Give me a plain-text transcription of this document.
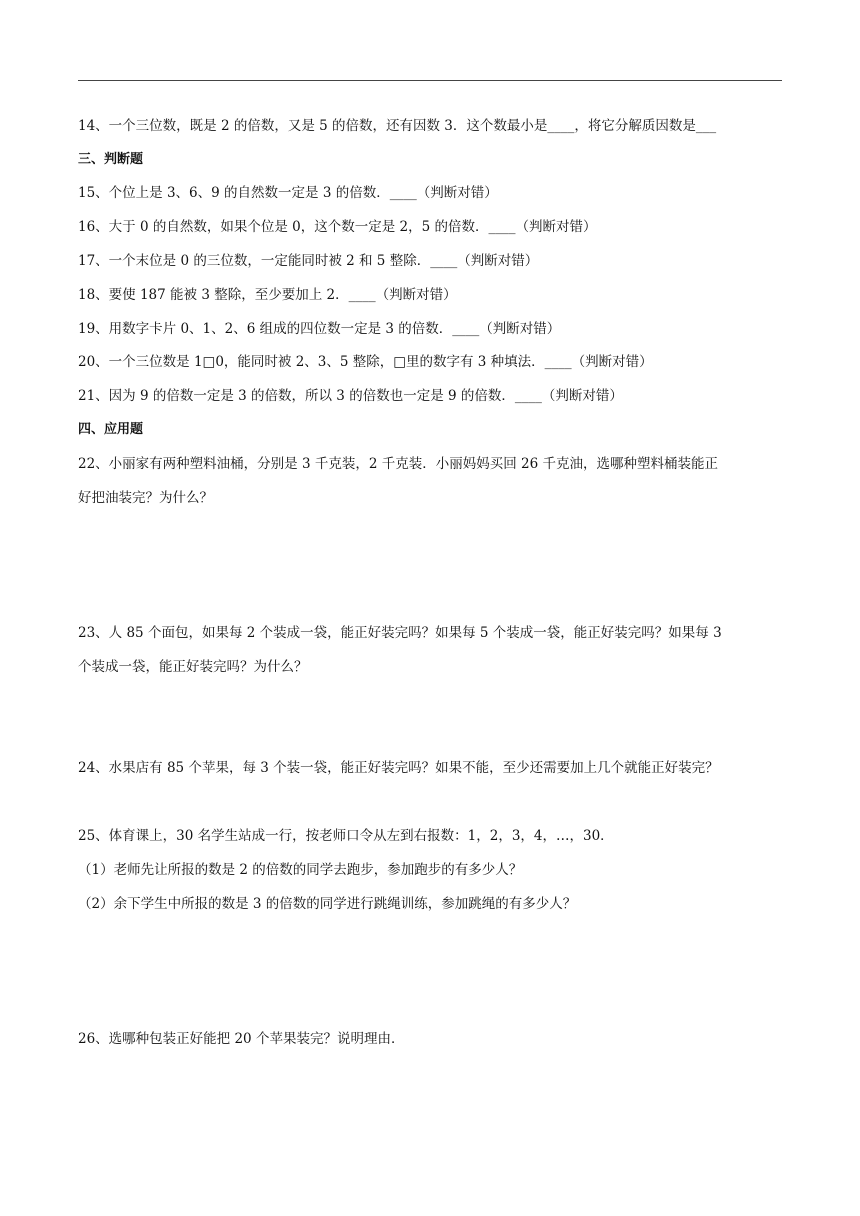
14、一个三位数，既是 2 的倍数，又是 5 的倍数，还有因数 3．这个数最小是____，将它分解质因数是___
三、判断题
15、个位上是 3、6、9 的自然数一定是 3 的倍数．____（判断对错）
16、大于 0 的自然数，如果个位是 0，这个数一定是 2，5 的倍数．____（判断对错）
17、一个末位是 0 的三位数，一定能同时被 2 和 5 整除．____（判断对错）
18、要使 187 能被 3 整除，至少要加上 2．____（判断对错）
19、用数字卡片 0、1、2、6 组成的四位数一定是 3 的倍数．____（判断对错）
20、一个三位数是 1□0，能同时被 2、3、5 整除，□里的数字有 3 种填法．____（判断对错）
21、因为 9 的倍数一定是 3 的倍数，所以 3 的倍数也一定是 9 的倍数．____（判断对错）
四、应用题
22、小丽家有两种塑料油桶，分别是 3 千克装，2 千克装．小丽妈妈买回 26 千克油，选哪种塑料桶装能正
好把油装完？为什么？
23、人 85 个面包，如果每 2 个装成一袋，能正好装完吗？如果每 5 个装成一袋，能正好装完吗？如果每 3
个装成一袋，能正好装完吗？为什么？
24、水果店有 85 个苹果，每 3 个装一袋，能正好装完吗？如果不能，至少还需要加上几个就能正好装完？
25、体育课上，30 名学生站成一行，按老师口令从左到右报数：1，2，3，4，…，30．
（1）老师先让所报的数是 2 的倍数的同学去跑步，参加跑步的有多少人？
（2）余下学生中所报的数是 3 的倍数的同学进行跳绳训练，参加跳绳的有多少人？
26、选哪种包装正好能把 20 个苹果装完？说明理由．
